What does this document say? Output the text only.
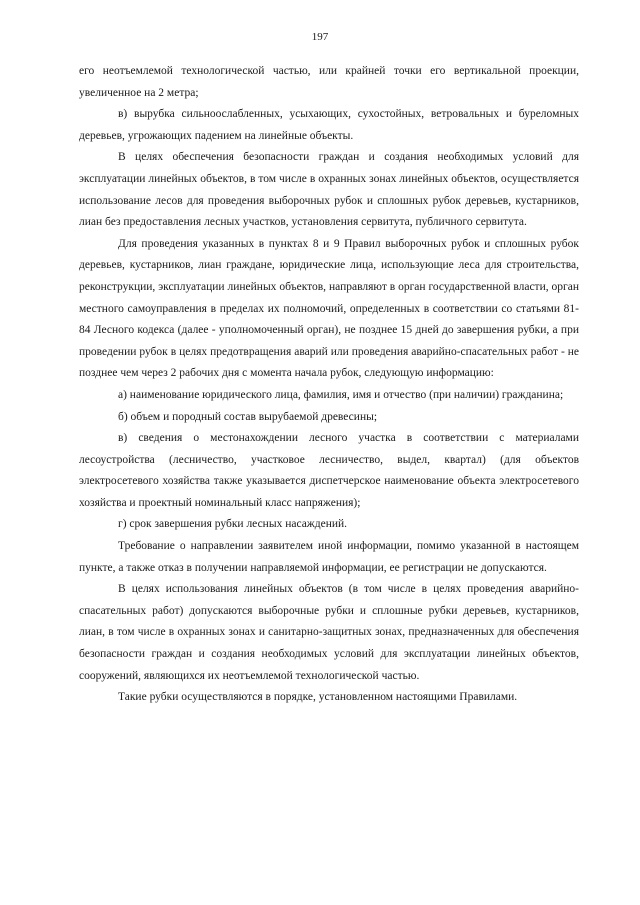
197

его неотъемлемой технологической частью, или крайней точки его вертикальной проекции, увеличенное на 2 метра;

в) вырубка сильноослабленных, усыхающих, сухостойных, ветровальных и буреломных деревьев, угрожающих падением на линейные объекты.

В целях обеспечения безопасности граждан и создания необходимых условий для эксплуатации линейных объектов, в том числе в охранных зонах линейных объектов, осуществляется использование лесов для проведения выборочных рубок и сплошных рубок деревьев, кустарников, лиан без предоставления лесных участков, установления сервитута, публичного сервитута.

Для проведения указанных в пунктах 8 и 9 Правил выборочных рубок и сплошных рубок деревьев, кустарников, лиан граждане, юридические лица, использующие леса для строительства, реконструкции, эксплуатации линейных объектов, направляют в орган государственной власти, орган местного самоуправления в пределах их полномочий, определенных в соответствии со статьями 81-84 Лесного кодекса (далее - уполномоченный орган), не позднее 15 дней до завершения рубки, а при проведении рубок в целях предотвращения аварий или проведения аварийно-спасательных работ - не позднее чем через 2 рабочих дня с момента начала рубок, следующую информацию:

а) наименование юридического лица, фамилия, имя и отчество (при наличии) гражданина;

б) объем и породный состав вырубаемой древесины;

в) сведения о местонахождении лесного участка в соответствии с материалами лесоустройства (лесничество, участковое лесничество, выдел, квартал) (для объектов электросетевого хозяйства также указывается диспетчерское наименование объекта электросетевого хозяйства и проектный номинальный класс напряжения);

г) срок завершения рубки лесных насаждений.

Требование о направлении заявителем иной информации, помимо указанной в настоящем пункте, а также отказ в получении направляемой информации, ее регистрации не допускаются.

В целях использования линейных объектов (в том числе в целях проведения аварийно-спасательных работ) допускаются выборочные рубки и сплошные рубки деревьев, кустарников, лиан, в том числе в охранных зонах и санитарно-защитных зонах, предназначенных для обеспечения безопасности граждан и создания необходимых условий для эксплуатации линейных объектов, сооружений, являющихся их неотъемлемой технологической частью.

Такие рубки осуществляются в порядке, установленном настоящими Правилами.
